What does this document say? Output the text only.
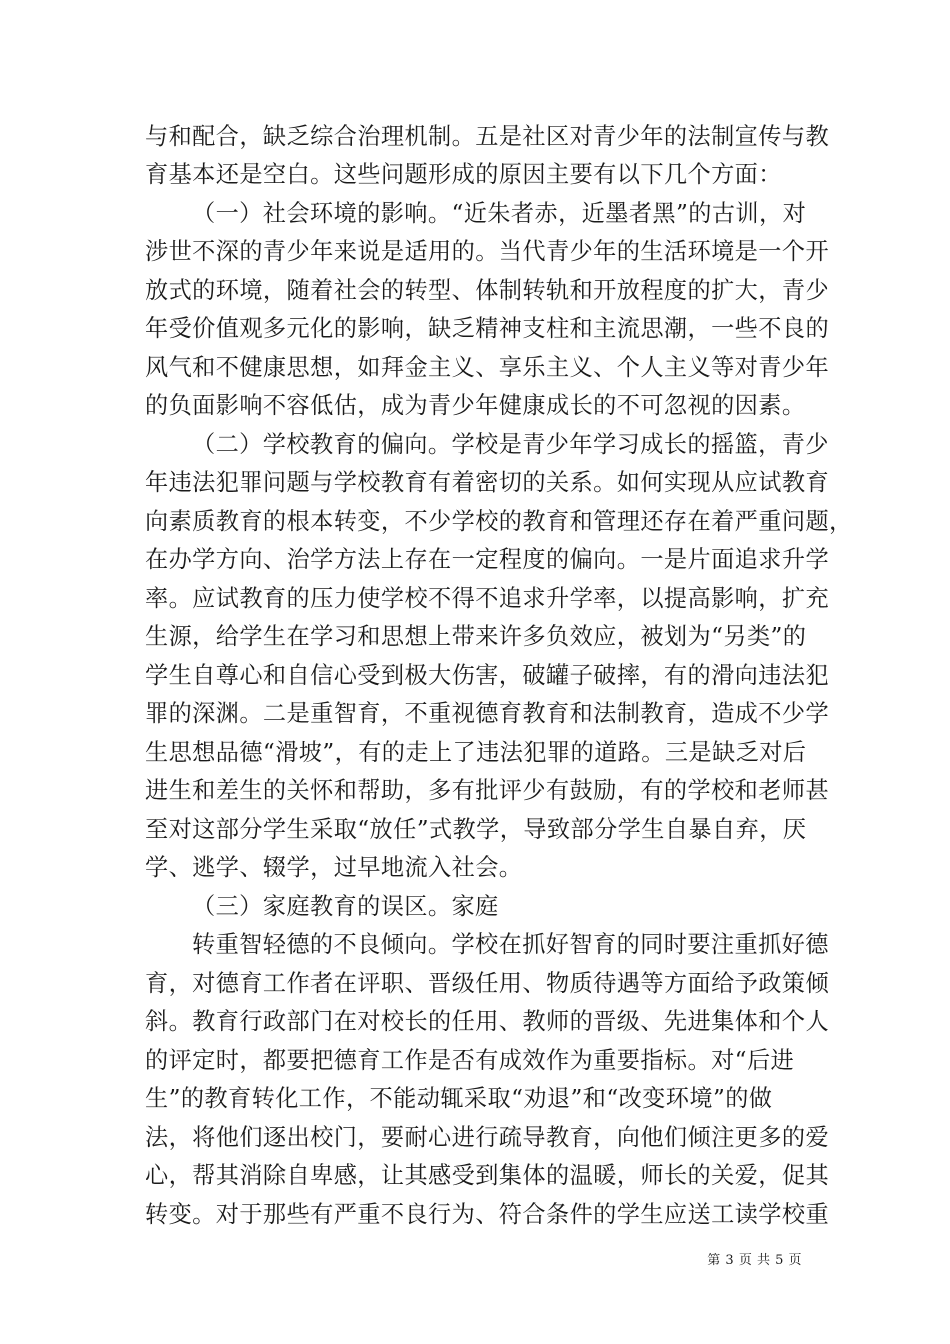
与和配合，缺乏综合治理机制。五是社区对青少年的法制宣传与教

育基本还是空白。这些问题形成的原因主要有以下几个方面：

（一）社会环境的影响。“近朱者赤，近墨者黑”的古训，对

涉世不深的青少年来说是适用的。当代青少年的生活环境是一个开

放式的环境，随着社会的转型、体制转轨和开放程度的扩大，青少

年受价值观多元化的影响，缺乏精神支柱和主流思潮，一些不良的

风气和不健康思想，如拜金主义、享乐主义、个人主义等对青少年

的负面影响不容低估，成为青少年健康成长的不可忽视的因素。

（二）学校教育的偏向。学校是青少年学习成长的摇篮，青少

年违法犯罪问题与学校教育有着密切的关系。如何实现从应试教育

向素质教育的根本转变，不少学校的教育和管理还存在着严重问题，

在办学方向、治学方法上存在一定程度的偏向。一是片面追求升学

率。应试教育的压力使学校不得不追求升学率，以提高影响，扩充

生源，给学生在学习和思想上带来许多负效应，被划为“另类”的

学生自尊心和自信心受到极大伤害，破罐子破摔，有的滑向违法犯

罪的深渊。二是重智育，不重视德育教育和法制教育，造成不少学

生思想品德“滑坡”，有的走上了违法犯罪的道路。三是缺乏对后

进生和差生的关怀和帮助，多有批评少有鼓励，有的学校和老师甚

至对这部分学生采取“放任”式教学，导致部分学生自暴自弃，厌

学、逃学、辍学，过早地流入社会。

（三）家庭教育的误区。家庭

转重智轻德的不良倾向。学校在抓好智育的同时要注重抓好德

育，对德育工作者在评职、晋级任用、物质待遇等方面给予政策倾

斜。教育行政部门在对校长的任用、教师的晋级、先进集体和个人

的评定时，都要把德育工作是否有成效作为重要指标。对“后进

生”的教育转化工作，不能动辄采取“劝退”和“改变环境”的做

法，将他们逐出校门，要耐心进行疏导教育，向他们倾注更多的爱

心，帮其消除自卑感，让其感受到集体的温暖，师长的关爱，促其

转变。对于那些有严重不良行为、符合条件的学生应送工读学校重

第 3 页 共 5 页
